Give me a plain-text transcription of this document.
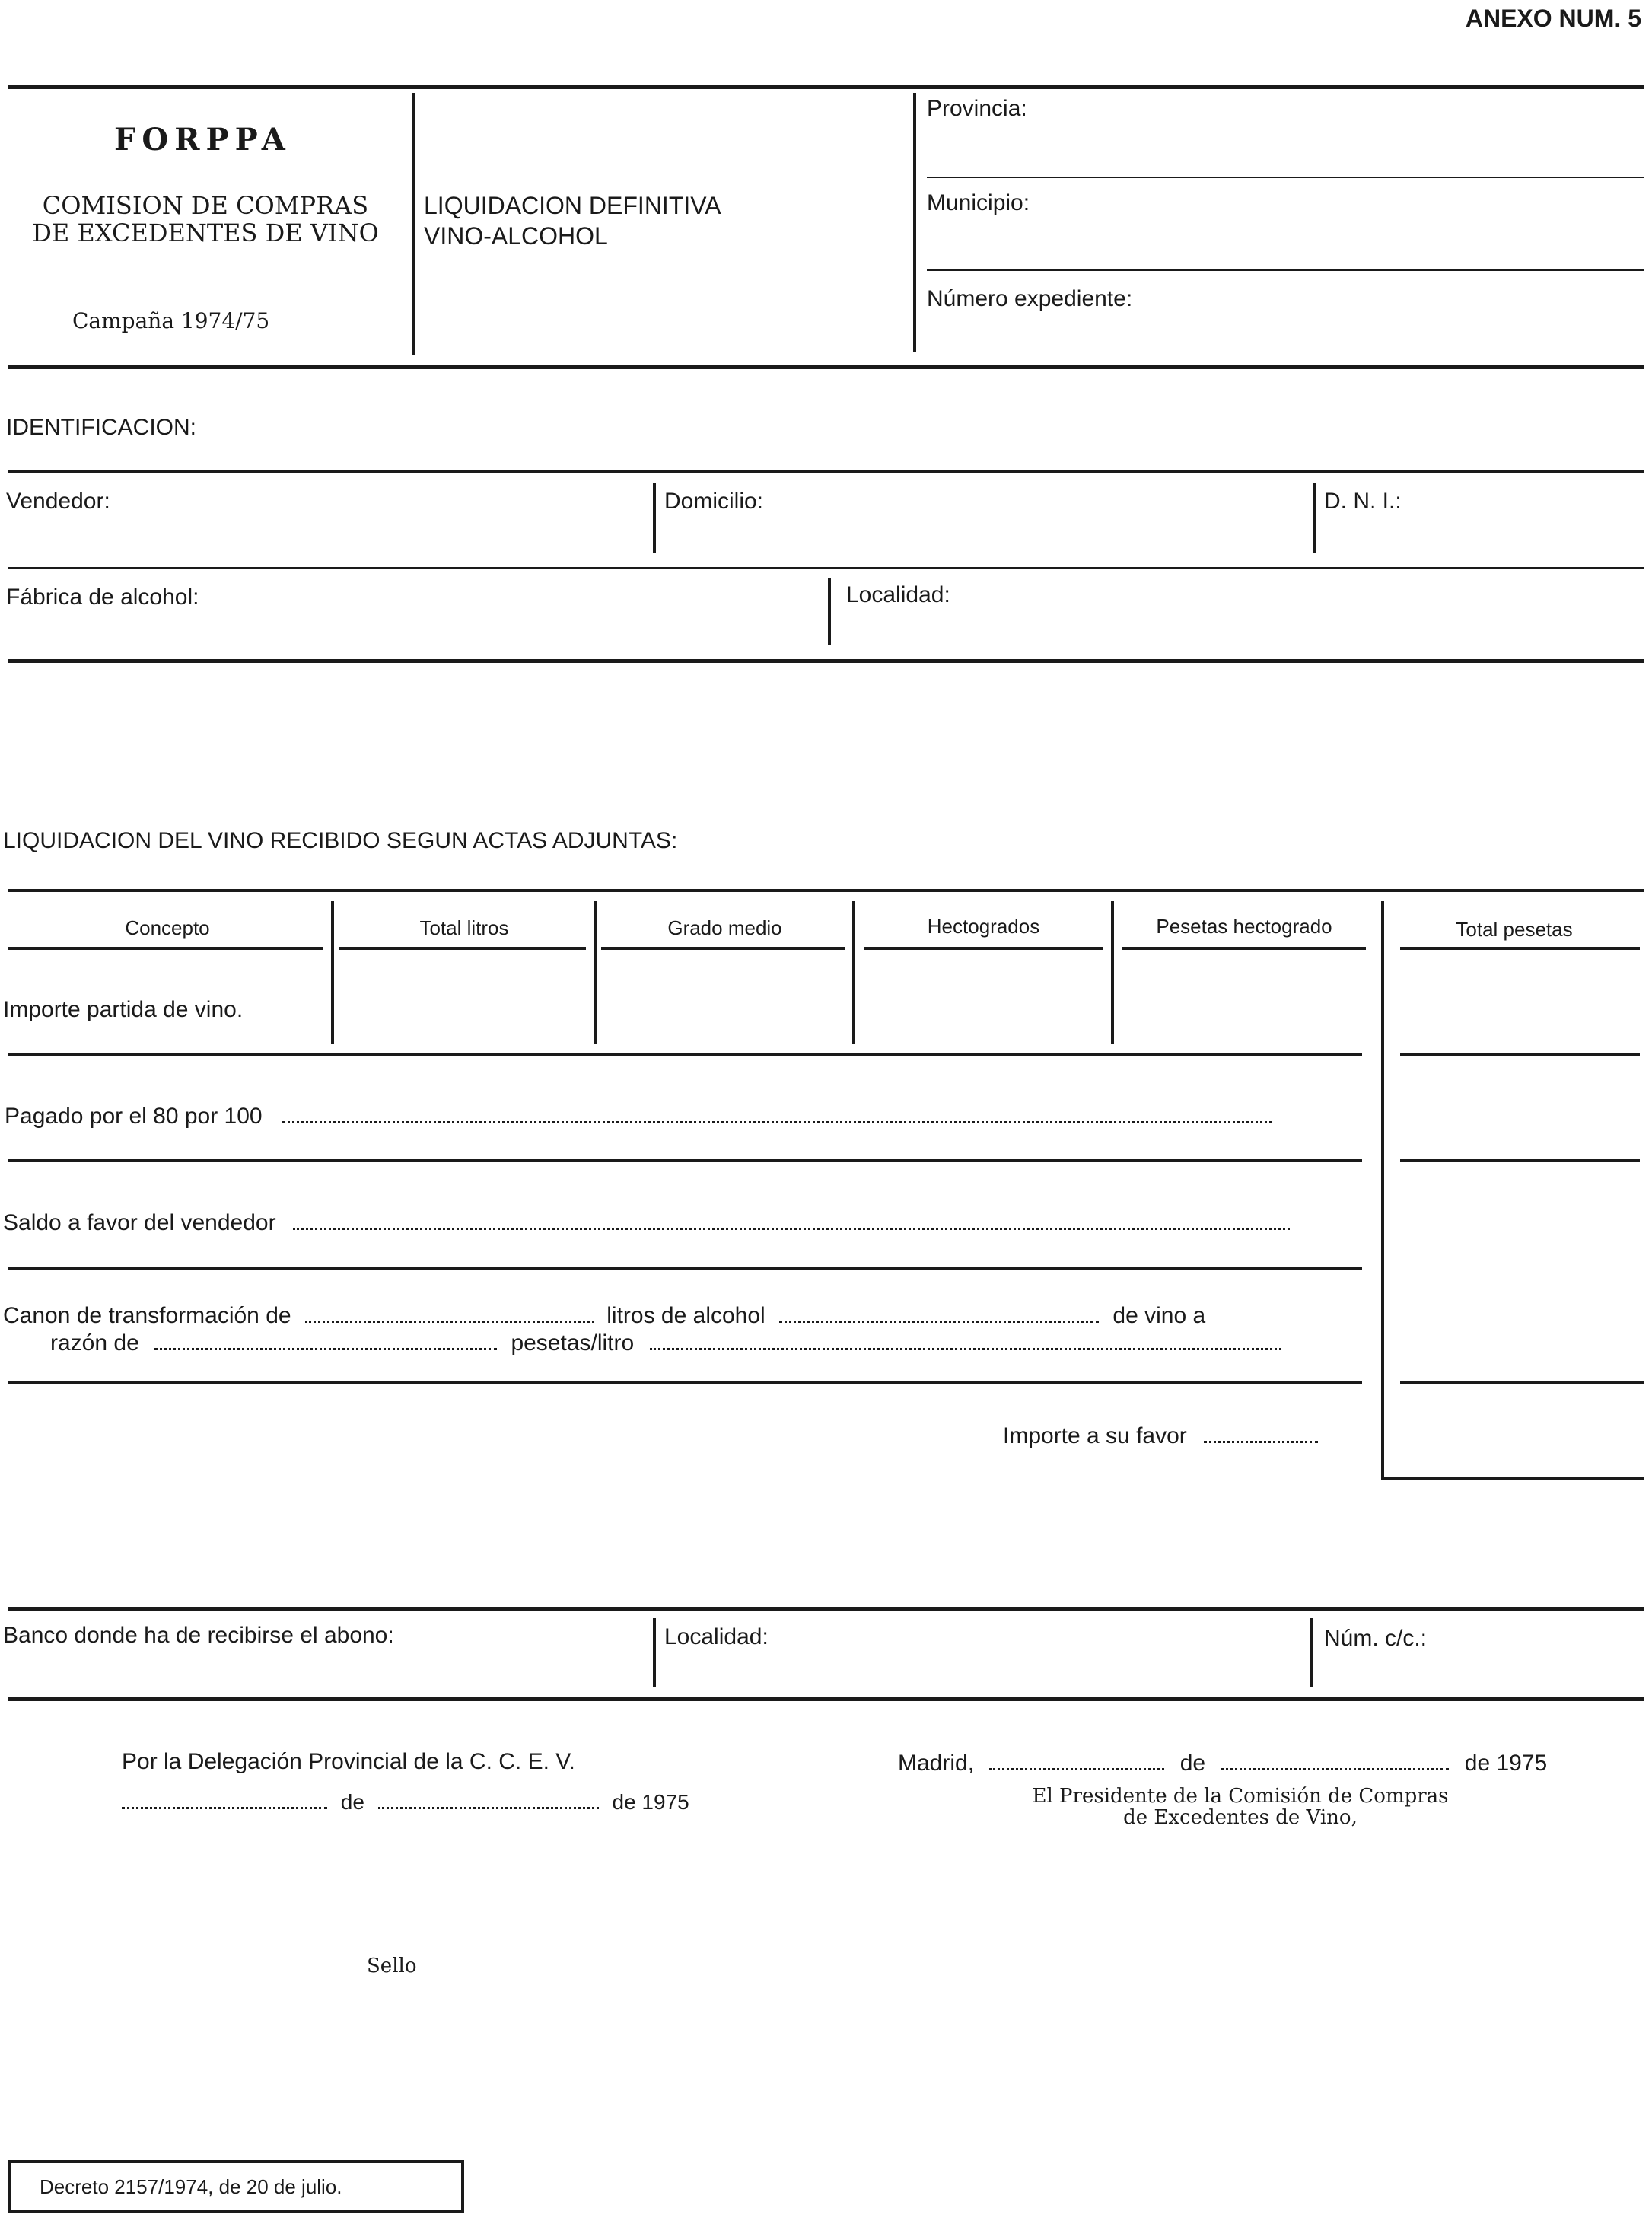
ANEXO NUM. 5
FORPPA
COMISION DE COMPRAS
DE EXCEDENTES DE VINO
Campaña 1974/75
LIQUIDACION DEFINITIVA
VINO-ALCOHOL
Provincia:
Municipio:
Número expediente:
IDENTIFICACION:
Vendedor:	Domicilio:	D. N. I.:
Fábrica de alcohol:	Localidad:
LIQUIDACION DEL VINO RECIBIDO SEGUN ACTAS ADJUNTAS:
Concepto	Total litros	Grado medio	Hectogrados	Pesetas hectogrado	Total pesetas
Importe partida de vino.
Pagado por el 80 por 100
Saldo a favor del vendedor
Canon de transformación de	litros de alcohol	de vino a
razón de	pesetas/litro
Importe a su favor
Banco donde ha de recibirse el abono:	Localidad:	Núm. c/c.:
Por la Delegación Provincial de la C. C. E. V.
de	de 1975
Madrid,	de	de 1975
El Presidente de la Comisión de Compras
de Excedentes de Vino,
Sello
Decreto 2157/1974, de 20 de julio.
